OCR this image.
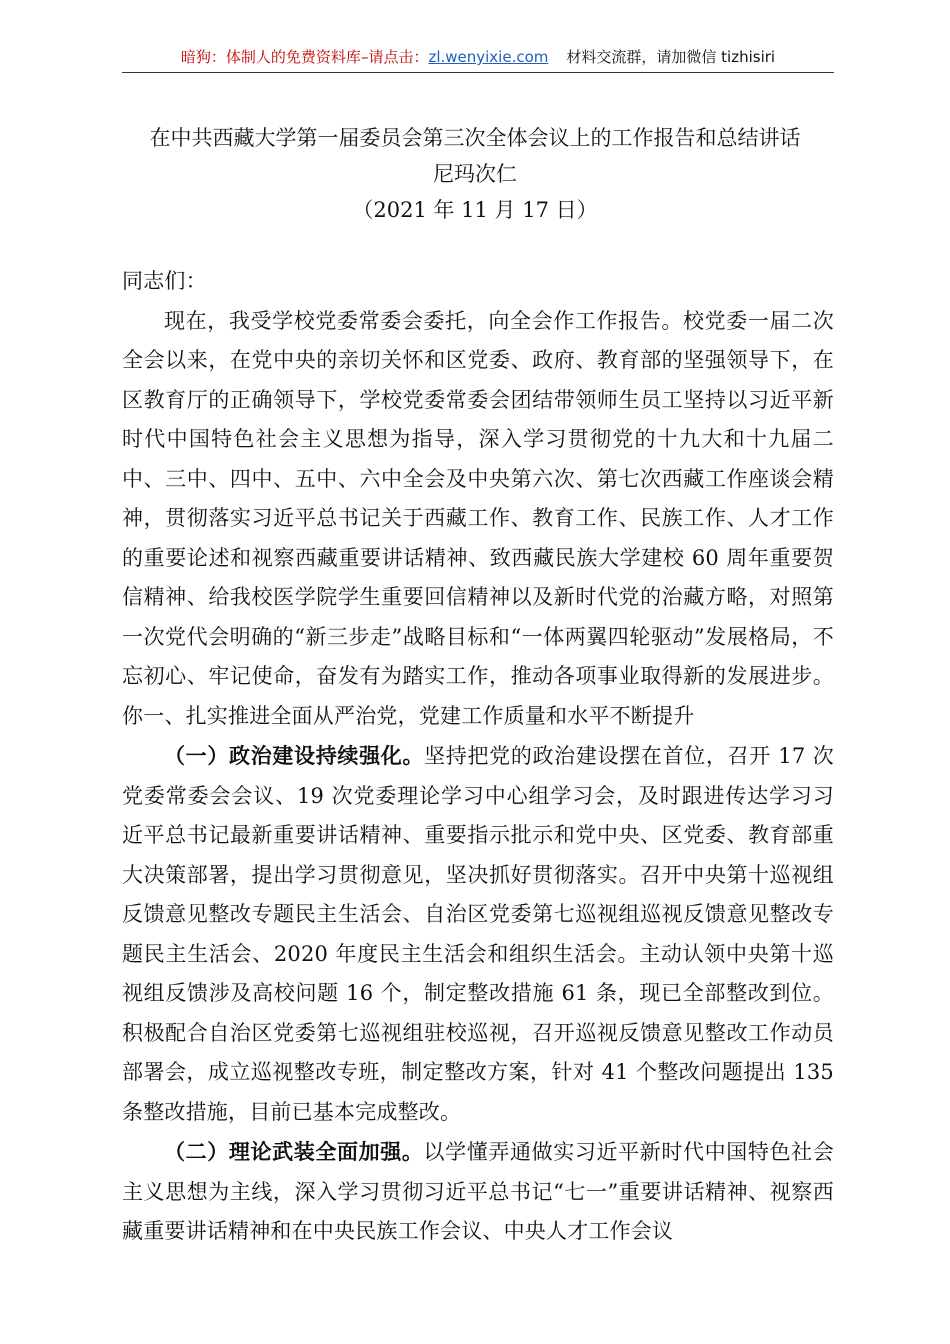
暗狗：体制人的免费资料库–请点击：zl.wenyixie.com 材料交流群，请加微信 tizhisiri
在中共西藏大学第一届委员会第三次全体会议上的工作报告和总结讲话
尼玛次仁
（2021 年 11 月 17 日）

同志们：

现在，我受学校党委常委会委托，向全会作工作报告。校党委一届二次全会以来，在党中央的亲切关怀和区党委、政府、教育部的坚强领导下，在区教育厅的正确领导下，学校党委常委会团结带领师生员工坚持以习近平新时代中国特色社会主义思想为指导，深入学习贯彻党的十九大和十九届二中、三中、四中、五中、六中全会及中央第六次、第七次西藏工作座谈会精神，贯彻落实习近平总书记关于西藏工作、教育工作、民族工作、人才工作的重要论述和视察西藏重要讲话精神、致西藏民族大学建校 60 周年重要贺信精神、给我校医学院学生重要回信精神以及新时代党的治藏方略，对照第一次党代会明确的“新三步走”战略目标和“一体两翼四轮驱动”发展格局，不忘初心、牢记使命，奋发有为踏实工作，推动各项事业取得新的发展进步。你一、扎实推进全面从严治党，党建工作质量和水平不断提升

（一）政治建设持续强化。坚持把党的政治建设摆在首位，召开 17 次党委常委会会议、19 次党委理论学习中心组学习会，及时跟进传达学习习近平总书记最新重要讲话精神、重要指示批示和党中央、区党委、教育部重大决策部署，提出学习贯彻意见，坚决抓好贯彻落实。召开中央第十巡视组反馈意见整改专题民主生活会、自治区党委第七巡视组巡视反馈意见整改专题民主生活会、2020 年度民主生活会和组织生活会。主动认领中央第十巡视组反馈涉及高校问题 16 个，制定整改措施 61 条，现已全部整改到位。积极配合自治区党委第七巡视组驻校巡视，召开巡视反馈意见整改工作动员部署会，成立巡视整改专班，制定整改方案，针对 41 个整改问题提出 135 条整改措施，目前已基本完成整改。

（二）理论武装全面加强。以学懂弄通做实习近平新时代中国特色社会主义思想为主线，深入学习贯彻习近平总书记“七一”重要讲话精神、视察西藏重要讲话精神和在中央民族工作会议、中央人才工作会议
